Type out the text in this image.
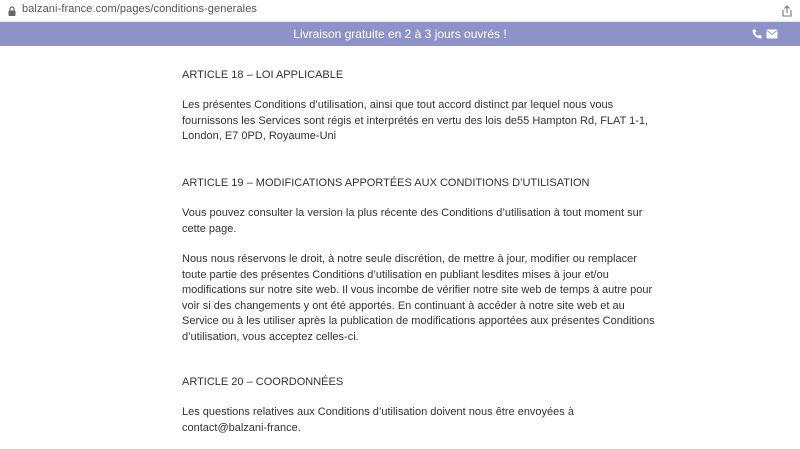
balzani-france.com/pages/conditions-generales
Livraison gratuite en 2 à 3 jours ouvrés !
ARTICLE 18 – LOI APPLICABLE
Les présentes Conditions d’utilisation, ainsi que tout accord distinct par lequel nous vous fournissons les Services sont régis et interprétés en vertu des lois de55 Hampton Rd, FLAT 1-1, London, E7 0PD, Royaume-Uni
ARTICLE 19 – MODIFICATIONS APPORTÉES AUX CONDITIONS D’UTILISATION
Vous pouvez consulter la version la plus récente des Conditions d’utilisation à tout moment sur cette page.
Nous nous réservons le droit, à notre seule discrétion, de mettre à jour, modifier ou remplacer toute partie des présentes Conditions d’utilisation en publiant lesdites mises à jour et/ou modifications sur notre site web. Il vous incombe de vérifier notre site web de temps à autre pour voir si des changements y ont été apportés. En continuant à accéder à notre site web et au Service ou à les utiliser après la publication de modifications apportées aux présentes Conditions d’utilisation, vous acceptez celles-ci.
ARTICLE 20 – COORDONNÉES
Les questions relatives aux Conditions d’utilisation doivent nous être envoyées à contact@balzani-france.
